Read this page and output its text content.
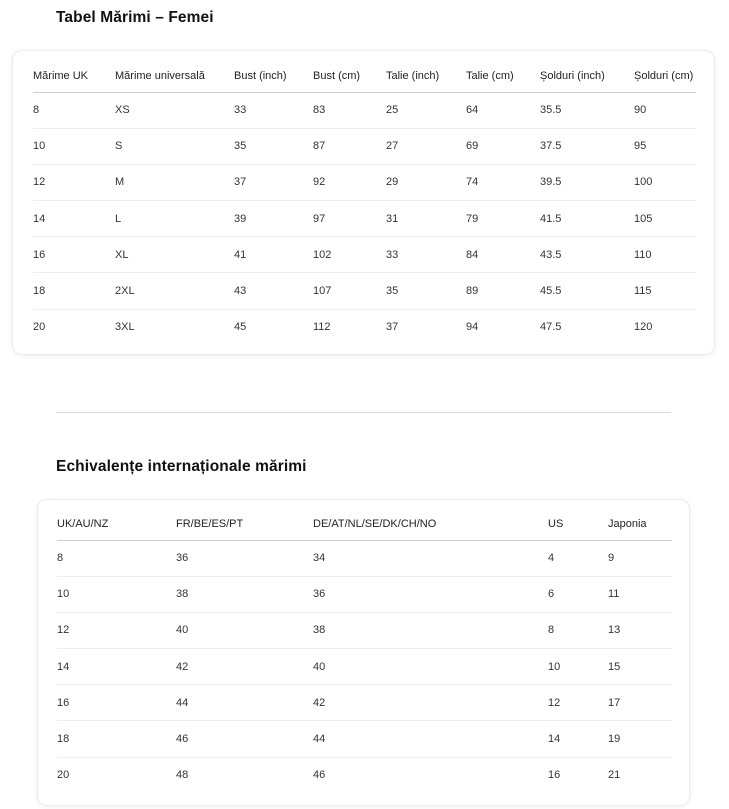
Tabel Mărimi – Femei
Mărime UK	Mărime universală	Bust (inch)	Bust (cm)	Talie (inch)	Talie (cm)	Șolduri (inch)	Șolduri (cm)
8	XS	33	83	25	64	35.5	90
10	S	35	87	27	69	37.5	95
12	M	37	92	29	74	39.5	100
14	L	39	97	31	79	41.5	105
16	XL	41	102	33	84	43.5	110
18	2XL	43	107	35	89	45.5	115
20	3XL	45	112	37	94	47.5	120
Echivalențe internaționale mărimi
UK/AU/NZ	FR/BE/ES/PT	DE/AT/NL/SE/DK/CH/NO	US	Japonia
8	36	34	4	9
10	38	36	6	11
12	40	38	8	13
14	42	40	10	15
16	44	42	12	17
18	46	44	14	19
20	48	46	16	21
